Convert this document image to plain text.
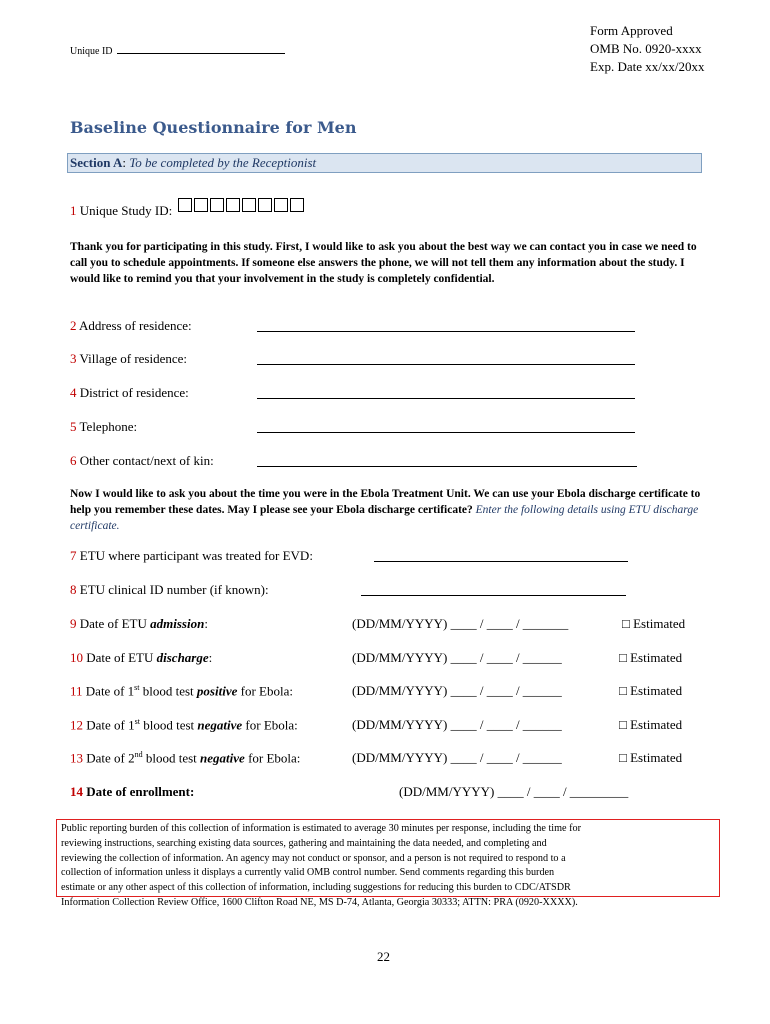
Unique ID
Form Approved
OMB No. 0920-xxxx
Exp. Date xx/xx/20xx
Baseline Questionnaire for Men
Section A: To be completed by the Receptionist
1 Unique Study ID:
Thank you for participating in this study. First, I would like to ask you about the best way we can contact you in case we need to call you to schedule appointments. If someone else answers the phone, we will not tell them any information about the study. I would like to remind you that your involvement in the study is completely confidential.
2 Address of residence:
3 Village of residence:
4 District of residence:
5 Telephone:
6 Other contact/next of kin:
Now I would like to ask you about the time you were in the Ebola Treatment Unit. We can use your Ebola discharge certificate to help you remember these dates. May I please see your Ebola discharge certificate? Enter the following details using ETU discharge certificate.
7 ETU where participant was treated for EVD:
8 ETU clinical ID number (if known):
9 Date of ETU admission:	(DD/MM/YYYY) ____ / ____ / _______	□ Estimated
10 Date of ETU discharge:	(DD/MM/YYYY) ____ / ____ / ______	□ Estimated
11 Date of 1st blood test positive for Ebola:	(DD/MM/YYYY) ____ / ____ / ______	□ Estimated
12 Date of 1st blood test negative for Ebola:	(DD/MM/YYYY) ____ / ____ / ______	□ Estimated
13 Date of 2nd blood test negative for Ebola:	(DD/MM/YYYY) ____ / ____ / ______	□ Estimated
14 Date of enrollment:	(DD/MM/YYYY) ____ / ____ / _________
Public reporting burden of this collection of information is estimated to average 30 minutes per response, including the time for
reviewing instructions, searching existing data sources, gathering and maintaining the data needed, and completing and
reviewing the collection of information. An agency may not conduct or sponsor, and a person is not required to respond to a
collection of information unless it displays a currently valid OMB control number. Send comments regarding this burden
estimate or any other aspect of this collection of information, including suggestions for reducing this burden to CDC/ATSDR
Information Collection Review Office, 1600 Clifton Road NE, MS D-74, Atlanta, Georgia 30333; ATTN: PRA (0920-XXXX).
22
